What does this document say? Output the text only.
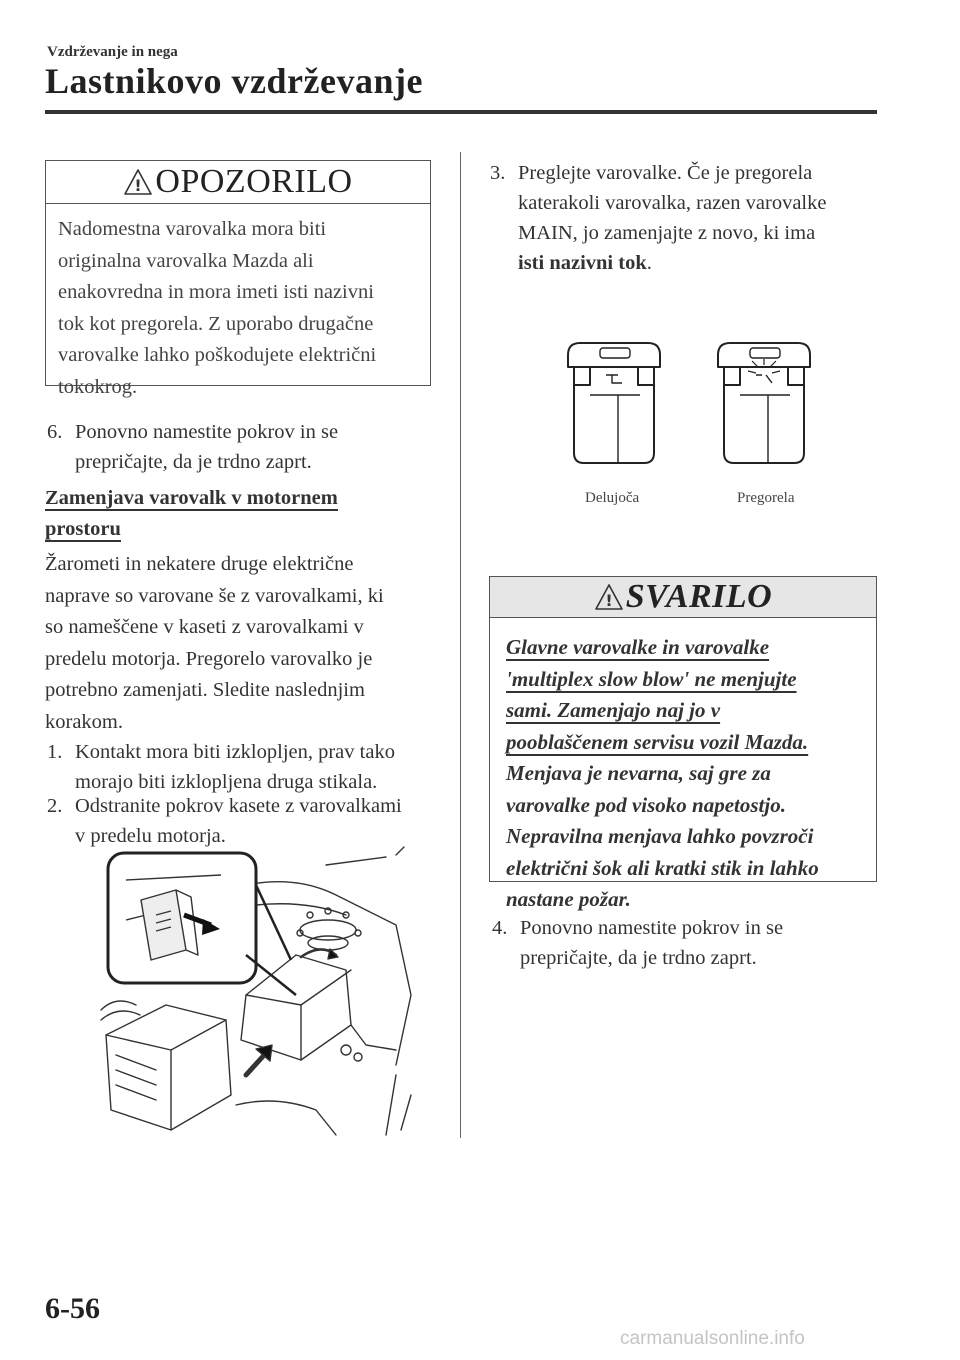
Vzdrževanje in nega
Lastnikovo vzdrževanje
! OPOZORILO
Nadomestna varovalka mora biti
originalna varovalka Mazda ali
enakovredna in mora imeti isti nazivni
tok kot pregorela. Z uporabo drugačne
varovalke lahko poškodujete električni
tokokrog.
6. Ponovno namestite pokrov in se
prepričajte, da je trdno zaprt.
Zamenjava varovalk v motornem
prostoru
Žarometi in nekatere druge električne
naprave so varovane še z varovalkami, ki
so nameščene v kaseti z varovalkami v
predelu motorja. Pregorelo varovalko je
potrebno zamenjati. Sledite naslednjim
korakom.
1. Kontakt mora biti izklopljen, prav tako
morajo biti izklopljena druga stikala.
2. Odstranite pokrov kasete z varovalkami
v predelu motorja.
3. Preglejte varovalke. Če je pregorela
katerakoli varovalka, razen varovalke
MAIN, jo zamenjajte z novo, ki ima
isti nazivni tok.
Delujoča	Pregorela
! SVARILO
Glavne varovalke in varovalke
'multiplex slow blow' ne menjujte
sami. Zamenjajo naj jo v
pooblaščenem servisu vozil Mazda.
Menjava je nevarna, saj gre za
varovalke pod visoko napetostjo.
Nepravilna menjava lahko povzroči
električni šok ali kratki stik in lahko
nastane požar.
4. Ponovno namestite pokrov in se
prepričajte, da je trdno zaprt.
6-56
carmanualsonline.info
